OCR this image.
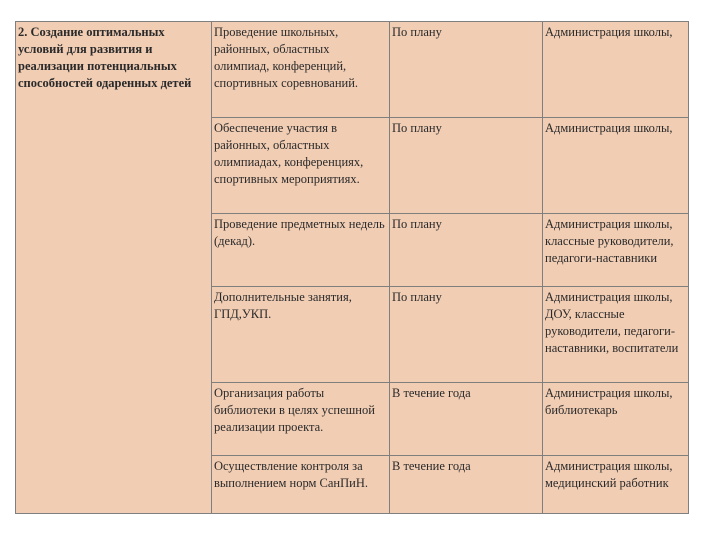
2. Создание оптимальных
условий для развития и
реализации потенциальных
способностей одаренных детей	Проведение школьных, районных, областных олимпиад, конференций, спортивных соревнований.	По плану	Администрация школы,

	Обеспечение участия в районных, областных олимпиадах, конференциях, спортивных мероприятиях.	По плану	Администрация школы,

	Проведение предметных недель (декад).	По плану	Администрация школы, классные руководители, педагоги-наставники

	Дополнительные занятия, ГПД,УКП.	По плану	Администрация школы, ДОУ, классные руководители, педагоги-наставники, воспитатели

	Организация работы библиотеки в целях успешной реализации проекта.	В течение года	Администрация школы, библиотекарь

	Осуществление контроля за выполнением норм СанПиН.	В течение года	Администрация школы, медицинский работник
